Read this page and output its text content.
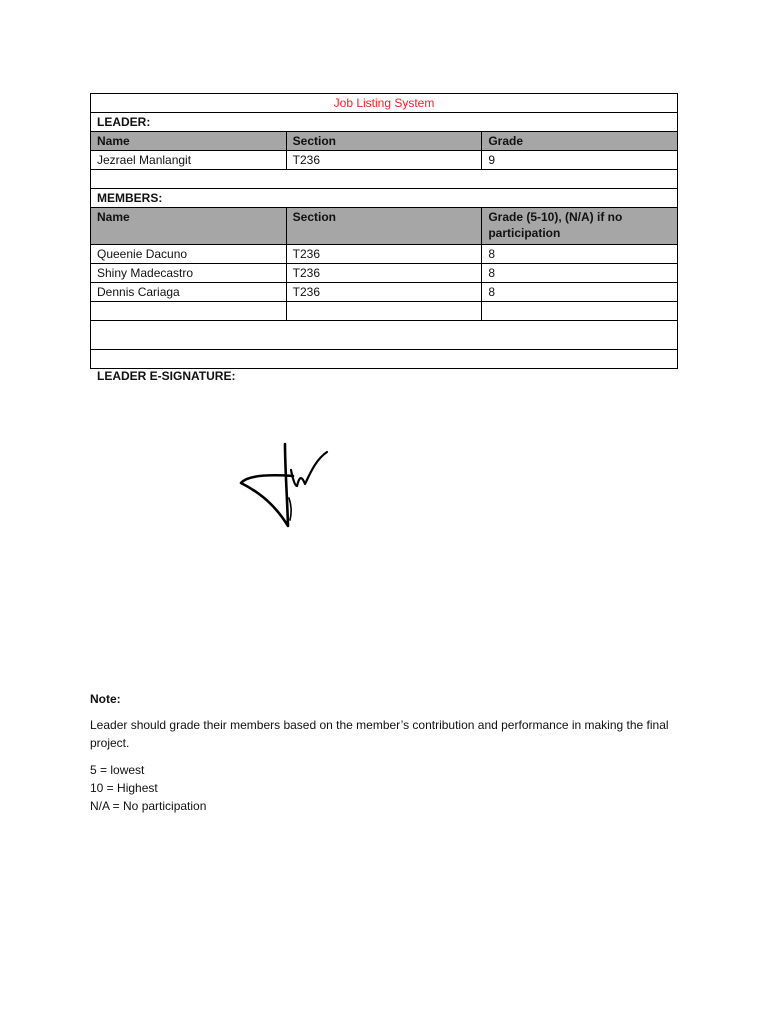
Job Listing System		
LEADER:		
Name	Section	Grade
Jezrael Manlangit	T236	9

MEMBERS:		
Name	Section	Grade (5-10), (N/A) if no participation
Queenie Dacuno	T236	8
Shiny Madecastro	T236	8
Dennis Cariaga	T236	8

LEADER E-SIGNATURE:		

Note:

Leader should grade their members based on the member’s contribution and performance in making the final project.

5 = lowest

10 = Highest

N/A = No participation
